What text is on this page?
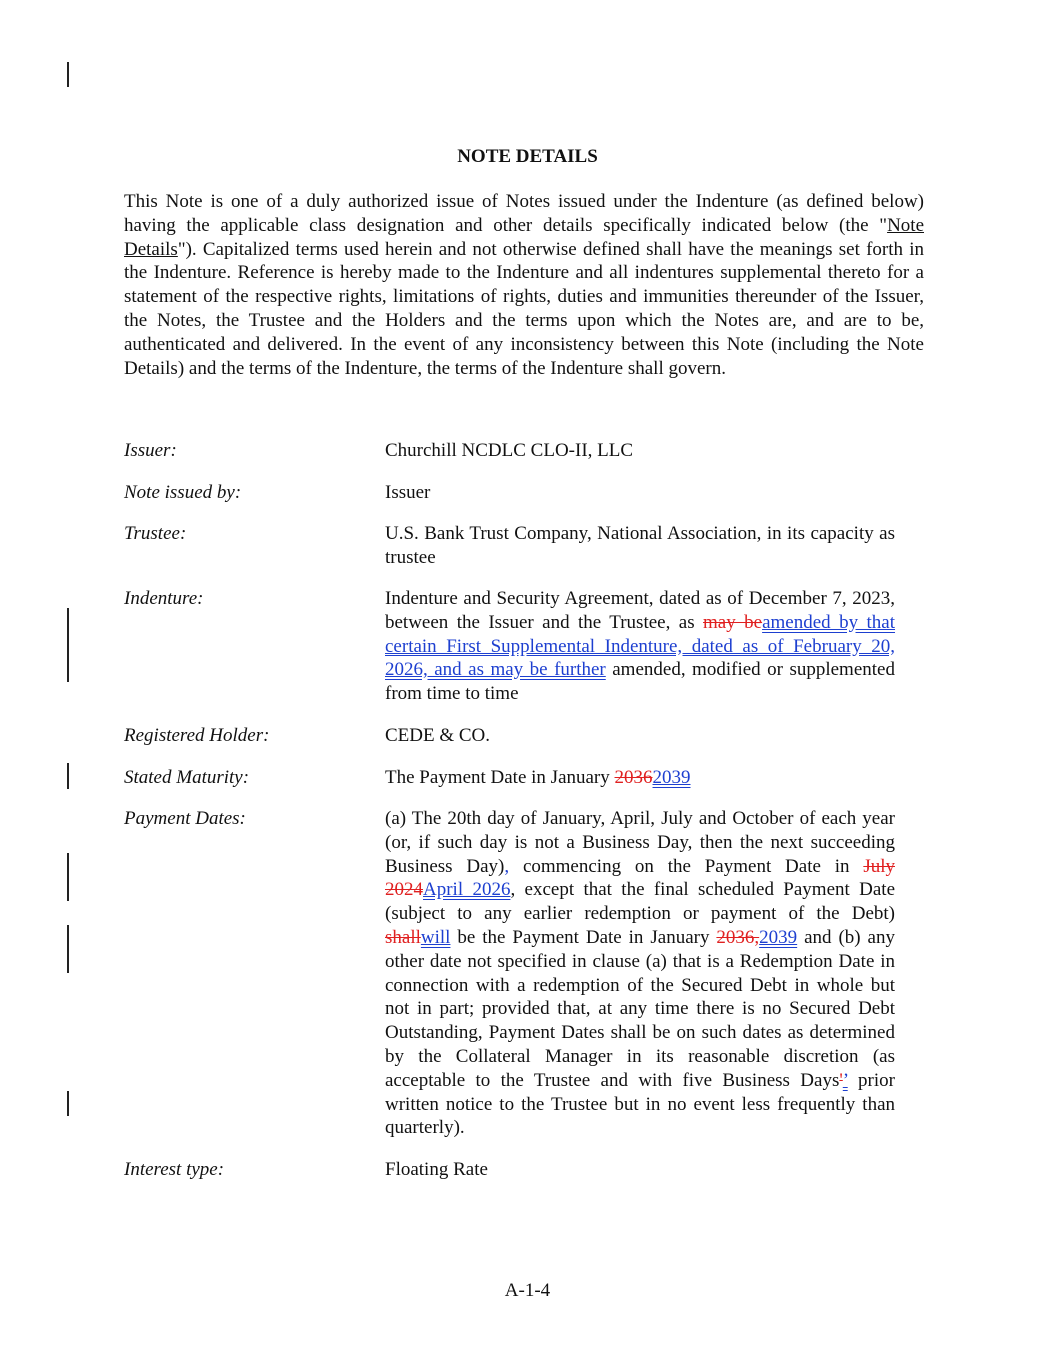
NOTE DETAILS
This Note is one of a duly authorized issue of Notes issued under the Indenture (as defined below) having the applicable class designation and other details specifically indicated below (the "Note Details"). Capitalized terms used herein and not otherwise defined shall have the meanings set forth in the Indenture. Reference is hereby made to the Indenture and all indentures supplemental thereto for a statement of the respective rights, limitations of rights, duties and immunities thereunder of the Issuer, the Notes, the Trustee and the Holders and the terms upon which the Notes are, and are to be, authenticated and delivered. In the event of any inconsistency between this Note (including the Note Details) and the terms of the Indenture, the terms of the Indenture shall govern.
Issuer:	Churchill NCDLC CLO-II, LLC
Note issued by:	Issuer
Trustee:	U.S. Bank Trust Company, National Association, in its capacity as trustee
Indenture:	Indenture and Security Agreement, dated as of December 7, 2023, between the Issuer and the Trustee, as may beamended by that certain First Supplemental Indenture, dated as of February 20, 2026, and as may be further amended, modified or supplemented from time to time
Registered Holder:	CEDE & CO.
Stated Maturity:	The Payment Date in January 20362039
Payment Dates:	(a) The 20th day of January, April, July and October of each year (or, if such day is not a Business Day, then the next succeeding Business Day), commencing on the Payment Date in July 2024April 2026, except that the final scheduled Payment Date (subject to any earlier redemption or payment of the Debt) shallwill be the Payment Date in January 2036,2039 and (b) any other date not specified in clause (a) that is a Redemption Date in connection with a redemption of the Secured Debt in whole but not in part; provided that, at any time there is no Secured Debt Outstanding, Payment Dates shall be on such dates as determined by the Collateral Manager in its reasonable discretion (as acceptable to the Trustee and with five Business Days'’ prior written notice to the Trustee but in no event less frequently than quarterly).
Interest type:	Floating Rate
A-1-4
